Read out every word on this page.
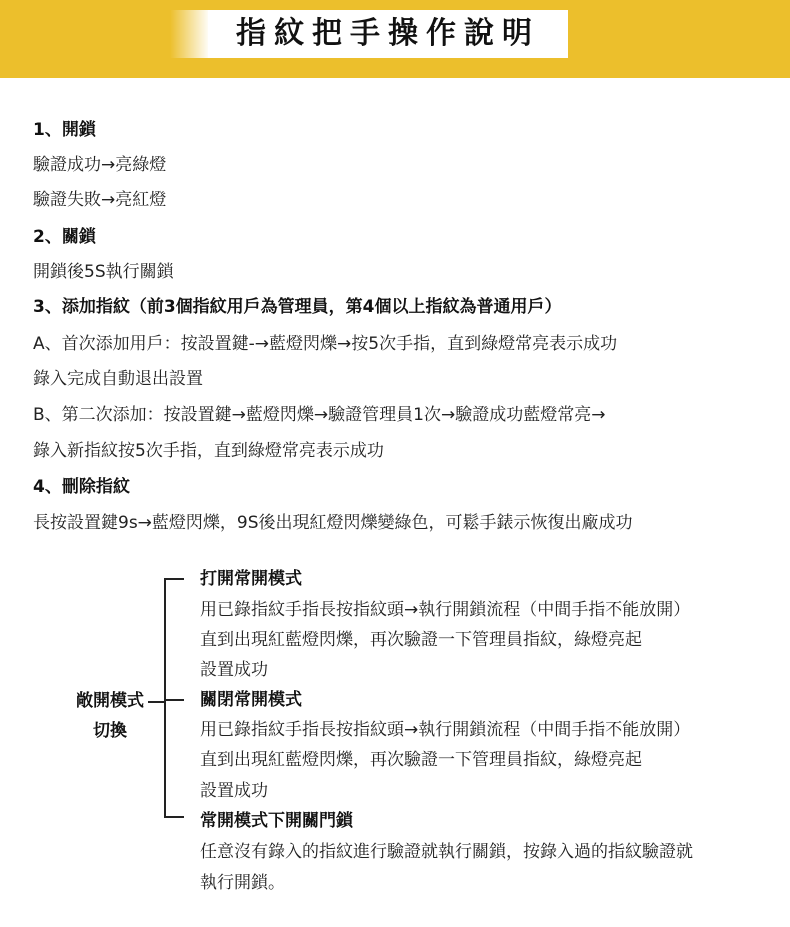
指紋把手操作說明
1、開鎖
驗證成功→亮綠燈
驗證失敗→亮紅燈
2、關鎖
開鎖後5S執行關鎖
3、添加指紋（前3個指紋用戶為管理員，第4個以上指紋為普通用戶）
A、首次添加用戶：按設置鍵-→藍燈閃爍→按5次手指，直到綠燈常亮表示成功
錄入完成自動退出設置
B、第二次添加：按設置鍵→藍燈閃爍→驗證管理員1次→驗證成功藍燈常亮→
錄入新指紋按5次手指，直到綠燈常亮表示成功
4、刪除指紋
長按設置鍵9s→藍燈閃爍，9S後出現紅燈閃爍變綠色，可鬆手錶示恢復出廠成功
敞開模式
切換
打開常開模式
用已錄指紋手指長按指紋頭→執行開鎖流程（中間手指不能放開）
直到出現紅藍燈閃爍，再次驗證一下管理員指紋，綠燈亮起
設置成功
關閉常開模式
用已錄指紋手指長按指紋頭→執行開鎖流程（中間手指不能放開）
直到出現紅藍燈閃爍，再次驗證一下管理員指紋，綠燈亮起
設置成功
常開模式下開關門鎖
任意沒有錄入的指紋進行驗證就執行關鎖，按錄入過的指紋驗證就
執行開鎖。
